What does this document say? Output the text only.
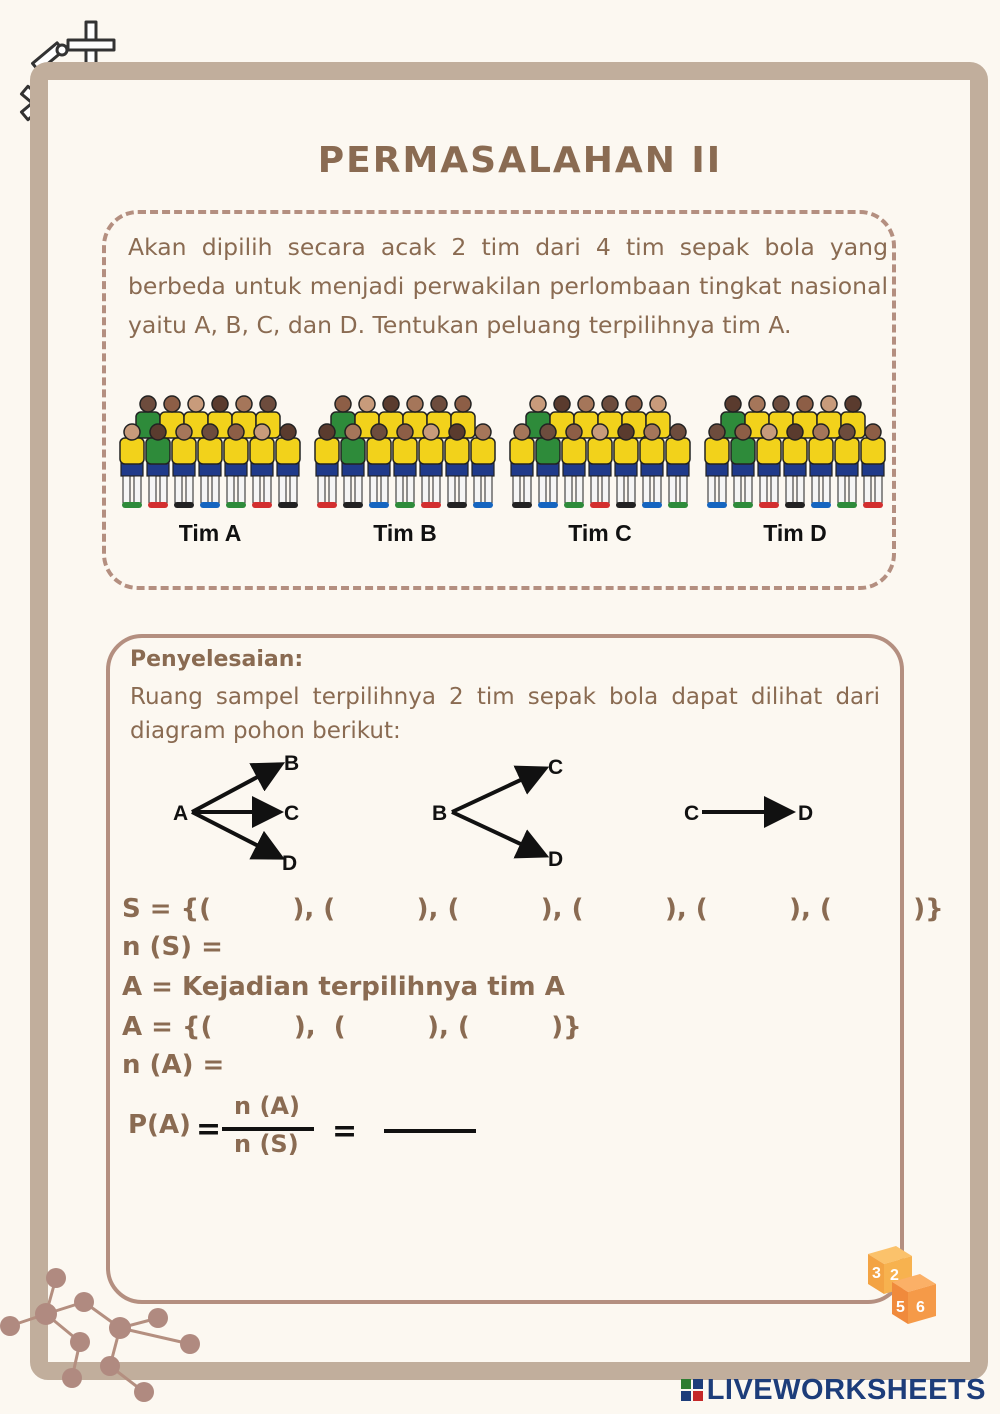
PERMASALAHAN II
Akan dipilih secara acak 2 tim dari 4 tim sepak bola yang berbeda untuk menjadi perwakilan perlombaan tingkat nasional yaitu A, B, C, dan D. Tentukan peluang terpilihnya tim A.
Tim A	Tim B	Tim C	Tim D
Penyelesaian:
Ruang sampel terpilihnya 2 tim sepak bola dapat dilihat dari diagram pohon berikut:
A
B
C
D
B
C
D
C	D
S = {(         ), (         ), (         ), (         ), (         ), (         )}
n (S) =
A = Kejadian terpilihnya tim A
A = {(         ),  (         ), (         )}
n (A) =
P(A) =
n (A)
n (S) =
3 2
5 6
LIVEWORKSHEETS
